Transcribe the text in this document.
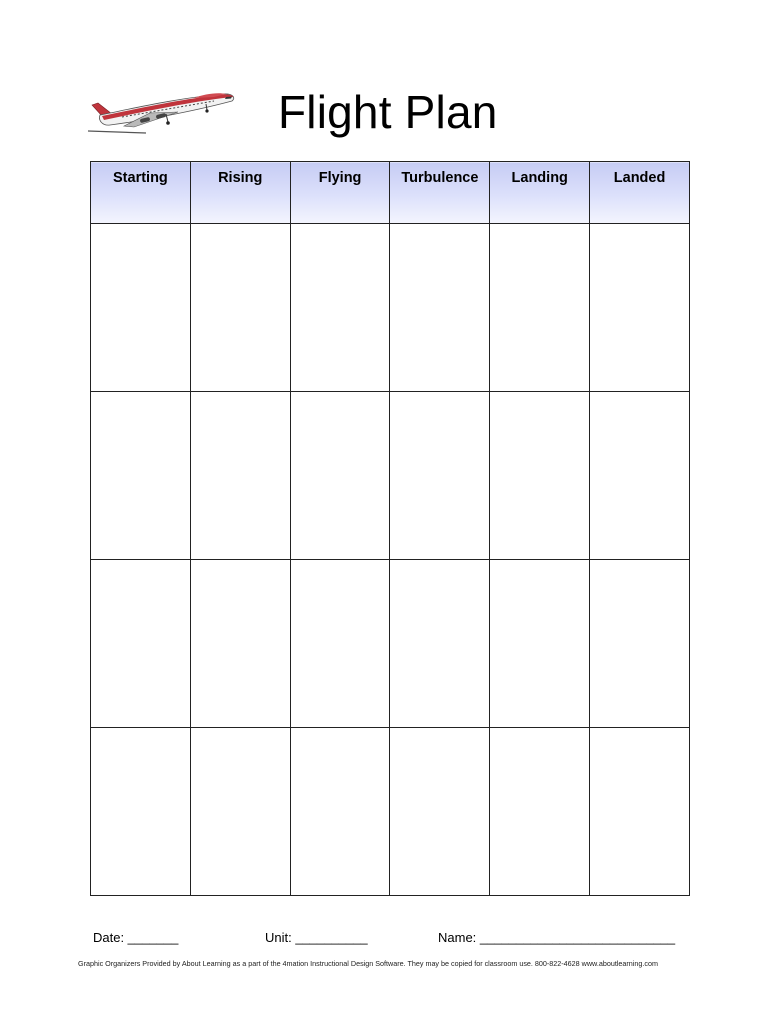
Flight Plan
Starting	Rising	Flying	Turbulence	Landing	Landed

Date: _______	Unit: __________	Name: ___________________________
Graphic Organizers Provided by About Learning as a part of the 4mation Instructional Design Software. They may be copied for classroom use. 800-822-4628 www.aboutlearning.com
